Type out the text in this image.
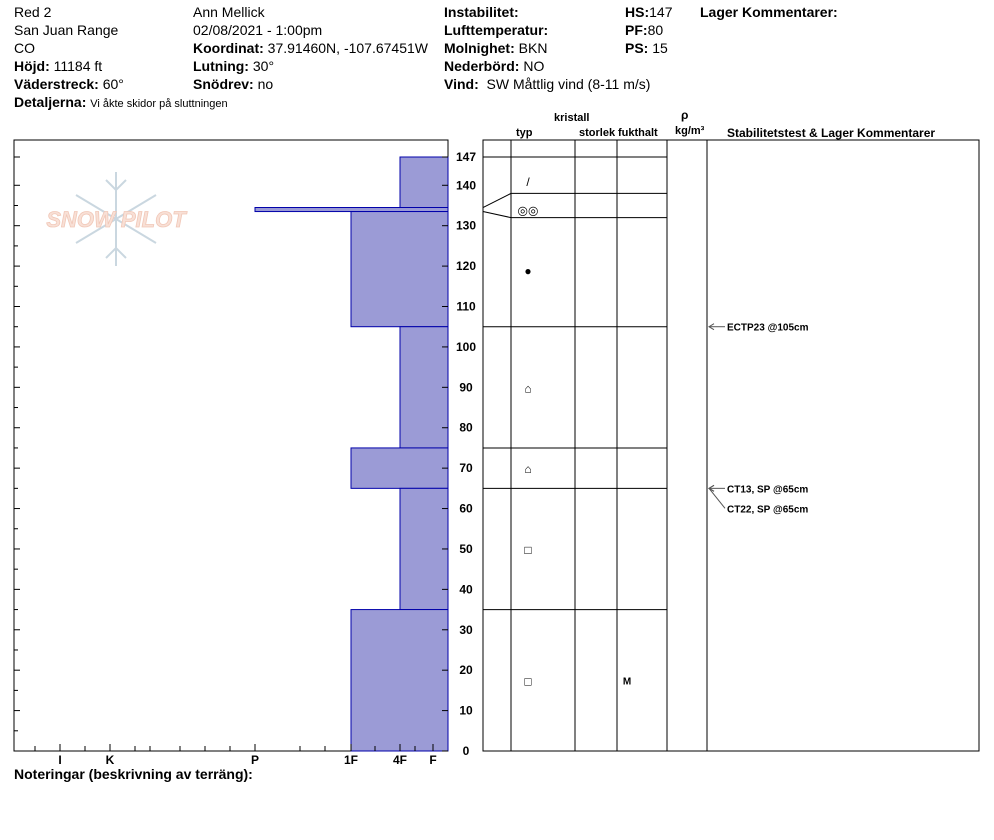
Red 2
San Juan Range
CO
Höjd: 11184 ft
Väderstreck: 60°
Detaljerna: Vi åkte skidor på sluttningen
Ann Mellick
02/08/2021 - 1:00pm
Koordinat: 37.91460N, -107.67451W
Lutning: 30°
Snödrev: no
Instabilitet:
Lufttemperatur:
Molnighet: BKN
Nederbörd: NO
Vind: SW Måttlig vind (8-11 m/s)
HS:147
PF:80
PS: 15
Lager Kommentarer:
kristall
typ	storlek fukthalt
ρ
kg/m³ Stabilitetstest & Lager Kommentarer
Noteringar (beskrivning av terräng):
SNOW PILOT
I	K	P	1F	4F F
0
10
20
30
40
50
60
70
80
90
100
110
120
130
140
147
/
◎◎
●
⌂
⌂
□
□	M
ECTP23 @105cm
CT13, SP @65cm
CT22, SP @65cm
